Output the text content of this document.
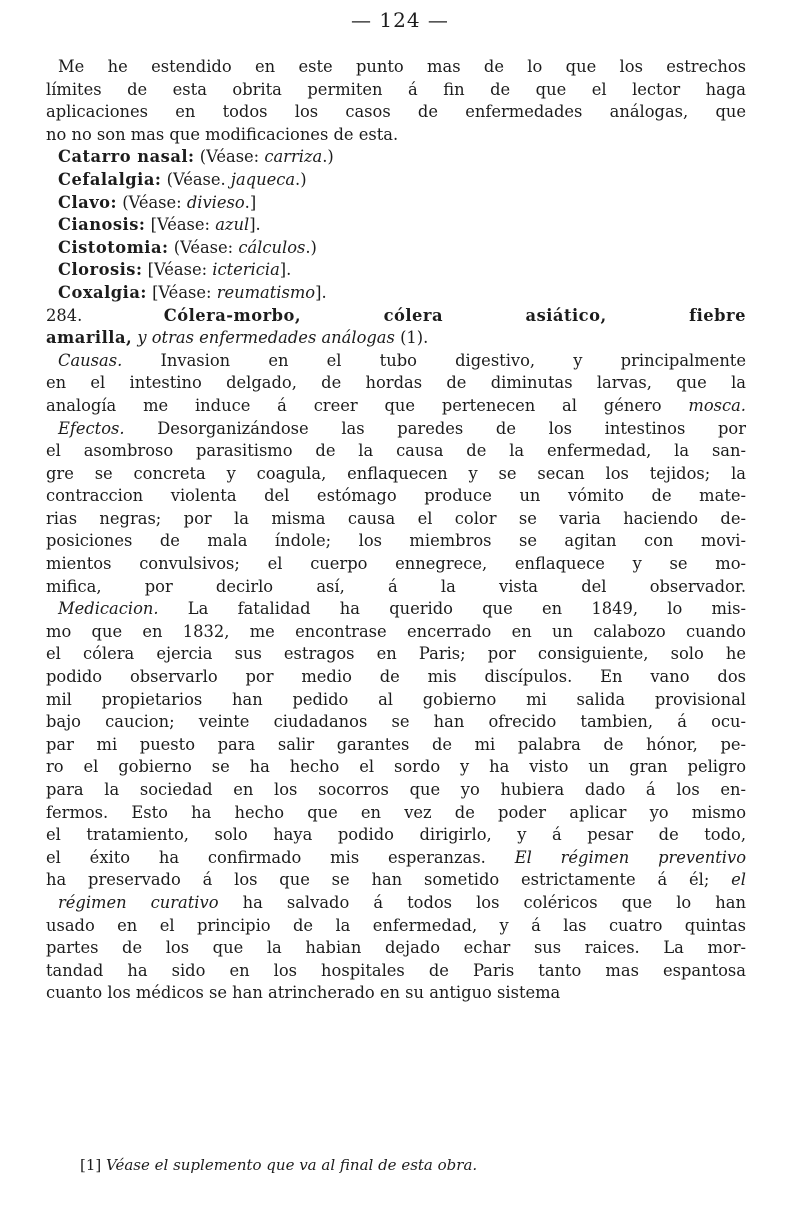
— 124 —
Me he estendido en este punto mas de lo que los estrechos
límites de esta obrita permiten á fin de que el lector haga
aplicaciones en todos los casos de enfermedades análogas, que
no no son mas que modificaciones de esta.
Catarro nasal: (Véase: carriza.)
Cefalalgia: (Véase. jaqueca.)
Clavo: (Véase: divieso.]
Cianosis: [Véase: azul].
Cistotomia: (Véase: cálculos.)
Clorosis: [Véase: ictericia].
Coxalgia: [Véase: reumatismo].
284.	Cólera-morbo, cólera asiático, fiebre
amarilla, y otras enfermedades análogas (1).
Causas. Invasion en el tubo digestivo, y principalmente
en el intestino delgado, de hordas de diminutas larvas, que la
analogía me induce á creer que pertenecen al género mosca.
Efectos. Desorganizándose las paredes de los intestinos por
el asombroso parasitismo de la causa de la enfermedad, la san-
gre se concreta y coagula, enflaquecen y se secan los tejidos; la
contraccion violenta del estómago produce un vómito de mate-
rias negras; por la misma causa el color se varia haciendo de-
posiciones de mala índole; los miembros se agitan con movi-
mientos convulsivos; el cuerpo ennegrece, enflaquece y se mo-
mifica, por decirlo así, á la vista del observador.
Medicacion. La fatalidad ha querido que en 1849, lo mis-
mo que en 1832, me encontrase encerrado en un calabozo cuando
el cólera ejercia sus estragos en Paris; por consiguiente, solo he
podido observarlo por medio de mis discípulos. En vano dos
mil propietarios han pedido al gobierno mi salida provisional
bajo caucion; veinte ciudadanos se han ofrecido tambien, á ocu-
par mi puesto para salir garantes de mi palabra de hónor, pe-
ro el gobierno se ha hecho el sordo y ha visto un gran peligro
para la sociedad en los socorros que yo hubiera dado á los en-
fermos. Esto ha hecho que en vez de poder aplicar yo mismo
el tratamiento, solo haya podido dirigirlo, y á pesar de todo,
el éxito ha confirmado mis esperanzas. El régimen preventivo
ha preservado á los que se han sometido estrictamente á él; el
régimen curativo ha salvado á todos los coléricos que lo han
usado en el principio de la enfermedad, y á las cuatro quintas
partes de los que la habian dejado echar sus raices. La mor-
tandad ha sido en los hospitales de Paris tanto mas espantosa
cuanto los médicos se han atrincherado en su antiguo sistema
[1] Véase el suplemento que va al final de esta obra.
